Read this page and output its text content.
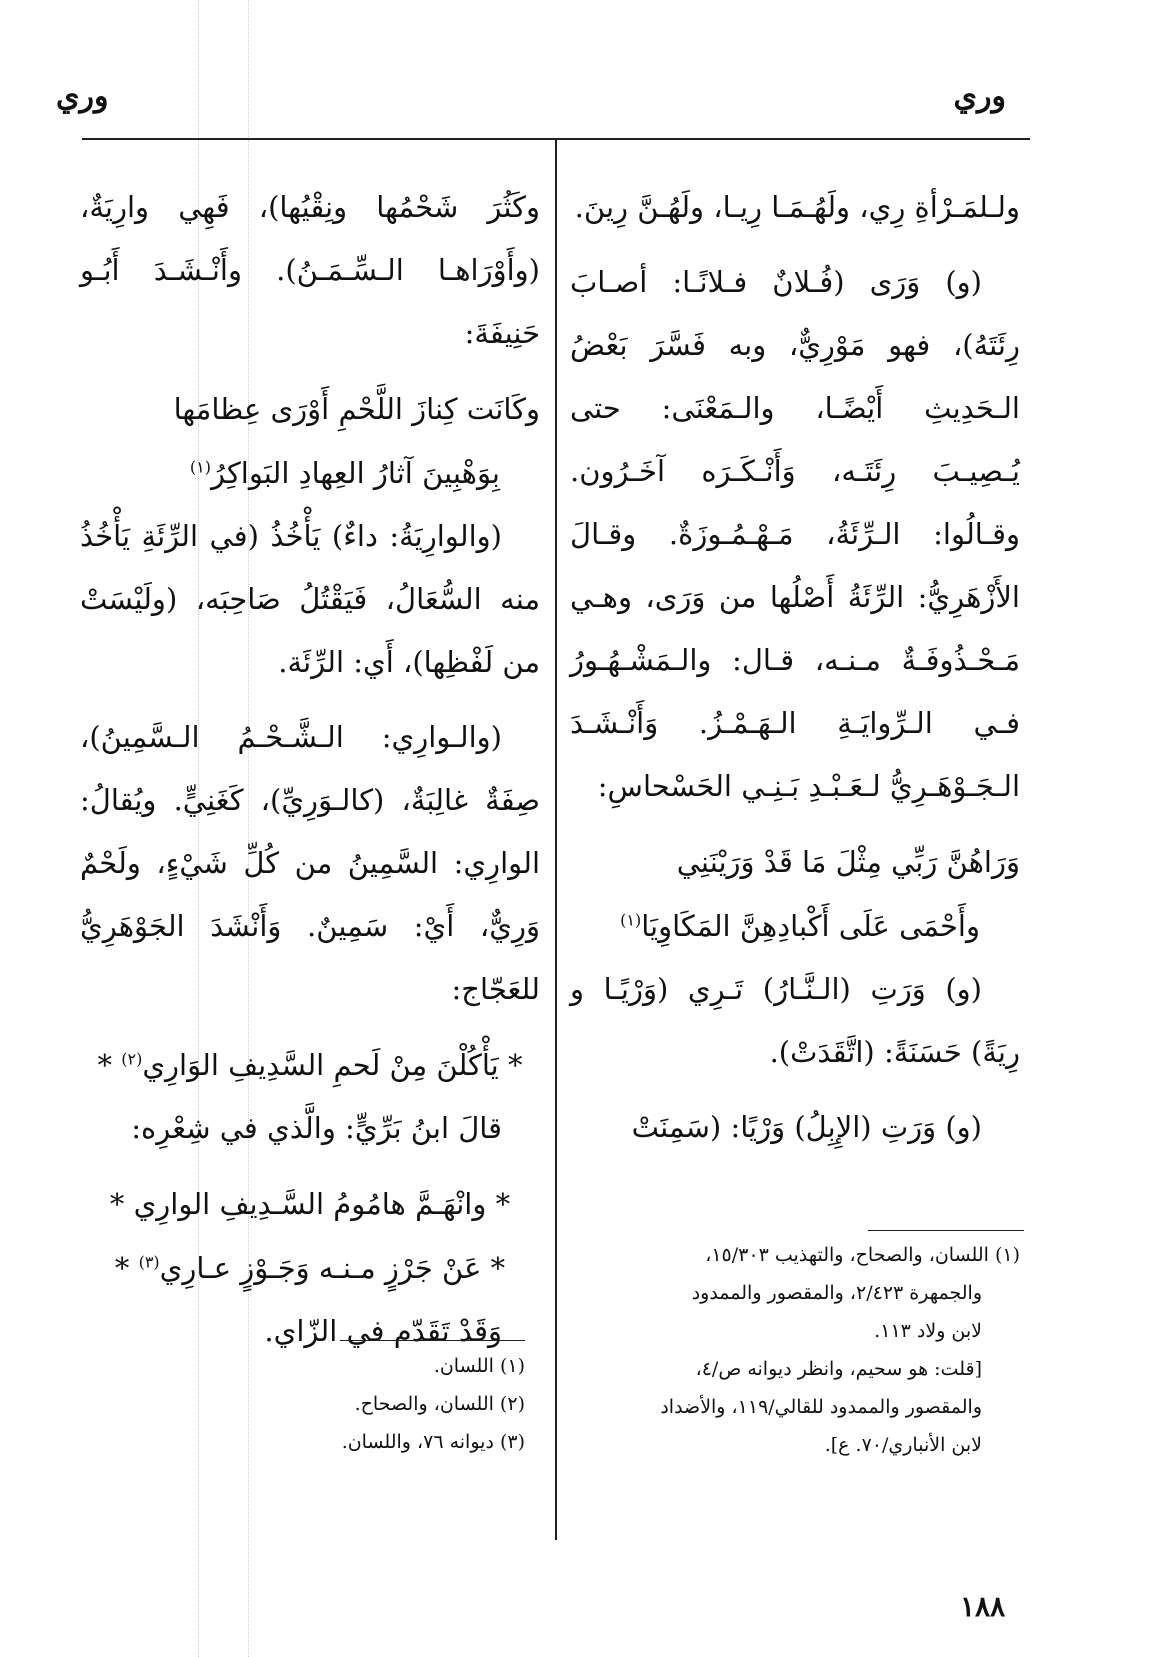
وري	وري

ولـلمَـرْأةِ رِي، ولَهُـمَـا رِيـا، ولَهُـنَّ رِينَ.

(و) وَرَى (فُـلانٌ فـلانًـا: أصـابَ رِئَتَهُ)، فهو مَوْرِيٌّ، وبه فَسَّرَ بَعْضُ الـحَدِيثِ أَيْضًـا، والـمَعْنَى: حتى يُـصِيـبَ رِئَتَـه، وَأَنْـكَـرَه آخَـرُون. وقـالُوا: الـرِّئَةُ، مَـهْـمُـوزَةٌ. وقـالَ الأَزْهَرِيُّ: الرِّئَةُ أَصْلُها من وَرَى، وهـي مَـحْـذُوفَـةٌ مـنـه، قـال: والـمَشْـهُـورُ فـي الـرِّوايَـةِ الـهَـمْـزُ. وَأَنْـشَـدَ الـجَـوْهَـرِيُّ لـعَـبْـدِ بَـنِـي الحَسْحاسِ:

وَرَاهُنَّ رَبِّي مِثْلَ مَا قَدْ وَرَيْنَنِي

وأَحْمَى عَلَى أَكْبادِهِنَّ المَكَاوِيَا$^{(١)}$

(و) وَرَتِ (الـنَّـارُ) تَـرِي (وَرْيًـا و رِيَةً) حَسَنَةً: (اتَّقَدَتْ).

(و) وَرَتِ (الإِبِلُ) وَرْيًا: (سَمِنَتْ

(١) اللسان، والصحاح، والتهذيب ١٥/٣٠٣،

والجمهرة ٢/٤٢٣، والمقصور والممدود

لابن ولاد ١١٣.

[قلت: هو سحيم، وانظر ديوانه ص/٤،

والمقصور والممدود للقالي/١١٩، والأضداد

لابن الأنباري/٧٠. ع].

وكَثُرَ شَحْمُها ونِقْيُها)، فَهِي وارِيَةٌ، (وأَوْرَاهـا الـسِّـمَـنُ). وأَنْـشَـدَ أَبُـو حَنِيفَةَ:

وكَانَت كِنازَ اللَّحْمِ أَوْرَى عِظامَها

بِوَهْبِينَ آثارُ العِهادِ البَواكِرُ$^{(١)}$

(والوارِيَةُ: داءٌ) يَأْخُذُ (في الرِّئَةِ يَأْخُذُ منه السُّعَالُ، فَيَقْتُلُ صَاحِبَه، (ولَيْسَتْ من لَفْظِها)، أَي: الرِّئَة.

(والـوارِي: الـشَّـحْـمُ الـسَّمِينُ)، صِفَةٌ غالِبَةٌ، (كالـوَرِيِّ)، كَغَنِيٍّ. ويُقالُ: الوارِي: السَّمِينُ من كُلِّ شَيْءٍ، ولَحْمٌ وَرِيٌّ، أَيْ: سَمِينٌ. وَأَنْشَدَ الجَوْهَرِيُّ للعَجّاج:

* يَأْكُلْنَ مِنْ لَحمِ السَّدِيفِ الوَارِي$^{(٢)}$ *

قالَ ابنُ بَرِّيٍّ: والَّذي في شِعْرِه:

* وانْهَـمَّ هامُومُ السَّـدِيفِ الوارِي *

* عَنْ جَرْزٍ مـنـه وَجَـوْزٍ عـارِي$^{(٣)}$ *

وَقَدْ تَقَدّم في الزّاي.

(١) اللسان.

(٢) اللسان، والصحاح.

(٣) ديوانه ٧٦، واللسان.

١٨٨
